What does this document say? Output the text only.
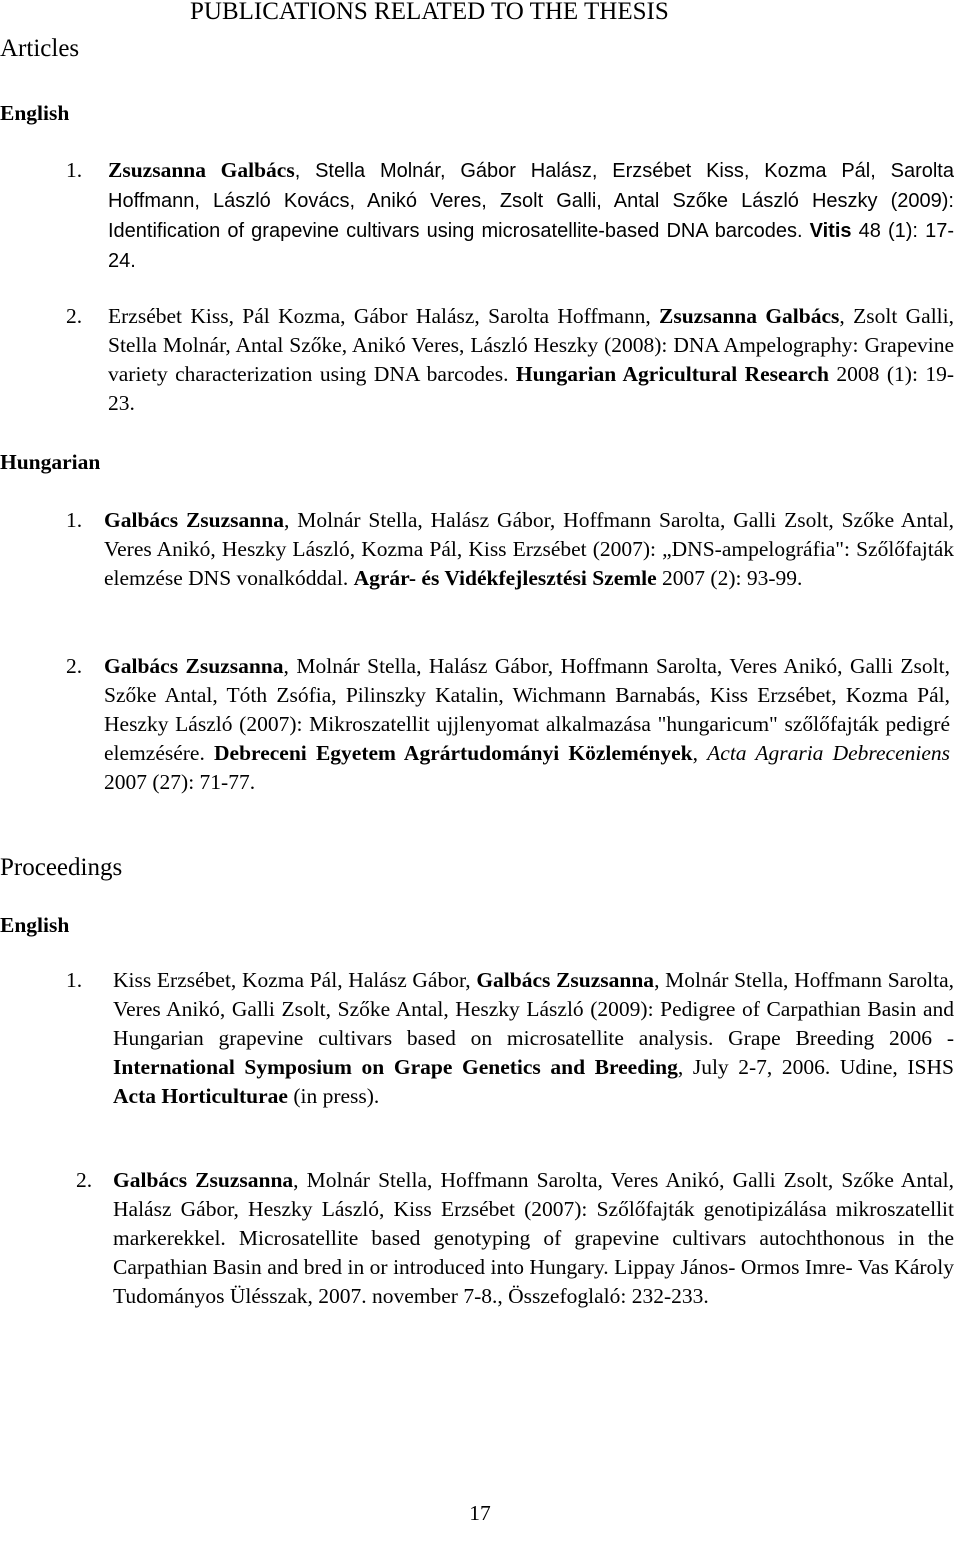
PUBLICATIONS RELATED TO THE THESIS
Articles
English
1. Zsuzsanna Galbács, Stella Molnár, Gábor Halász, Erzsébet Kiss, Kozma Pál, Sarolta Hoffmann, László Kovács, Anikó Veres, Zsolt Galli, Antal Szőke László Heszky (2009): Identification of grapevine cultivars using microsatellite-based DNA barcodes. Vitis 48 (1): 17-24.
2. Erzsébet Kiss, Pál Kozma, Gábor Halász, Sarolta Hoffmann, Zsuzsanna Galbács, Zsolt Galli, Stella Molnár, Antal Szőke, Anikó Veres, László Heszky (2008): DNA Ampelography: Grapevine variety characterization using DNA barcodes. Hungarian Agricultural Research 2008 (1): 19-23.
Hungarian
1. Galbács Zsuzsanna, Molnár Stella, Halász Gábor, Hoffmann Sarolta, Galli Zsolt, Szőke Antal, Veres Anikó, Heszky László, Kozma Pál, Kiss Erzsébet (2007): „DNS-ampelográfia": Szőlőfajták elemzése DNS vonalkóddal. Agrár- és Vidékfejlesztési Szemle 2007 (2): 93-99.
2. Galbács Zsuzsanna, Molnár Stella, Halász Gábor, Hoffmann Sarolta, Veres Anikó, Galli Zsolt, Szőke Antal, Tóth Zsófia, Pilinszky Katalin, Wichmann Barnabás, Kiss Erzsébet, Kozma Pál, Heszky László (2007): Mikroszatellit ujjlenyomat alkalmazása "hungaricum" szőlőfajták pedigré elemzésére. Debreceni Egyetem Agrártudományi Közlemények, Acta Agraria Debreceniens 2007 (27): 71-77.
Proceedings
English
1. Kiss Erzsébet, Kozma Pál, Halász Gábor, Galbács Zsuzsanna, Molnár Stella, Hoffmann Sarolta, Veres Anikó, Galli Zsolt, Szőke Antal, Heszky László (2009): Pedigree of Carpathian Basin and Hungarian grapevine cultivars based on microsatellite analysis. Grape Breeding 2006 - International Symposium on Grape Genetics and Breeding, July 2-7, 2006. Udine, ISHS Acta Horticulturae (in press).
2. Galbács Zsuzsanna, Molnár Stella, Hoffmann Sarolta, Veres Anikó, Galli Zsolt, Szőke Antal, Halász Gábor, Heszky László, Kiss Erzsébet (2007): Szőlőfajták genotipizálása mikroszatellit markerekkel. Microsatellite based genotyping of grapevine cultivars autochthonous in the Carpathian Basin and bred in or introduced into Hungary. Lippay János- Ormos Imre- Vas Károly Tudományos Ülésszak, 2007. november 7-8., Összefoglaló: 232-233.
17
